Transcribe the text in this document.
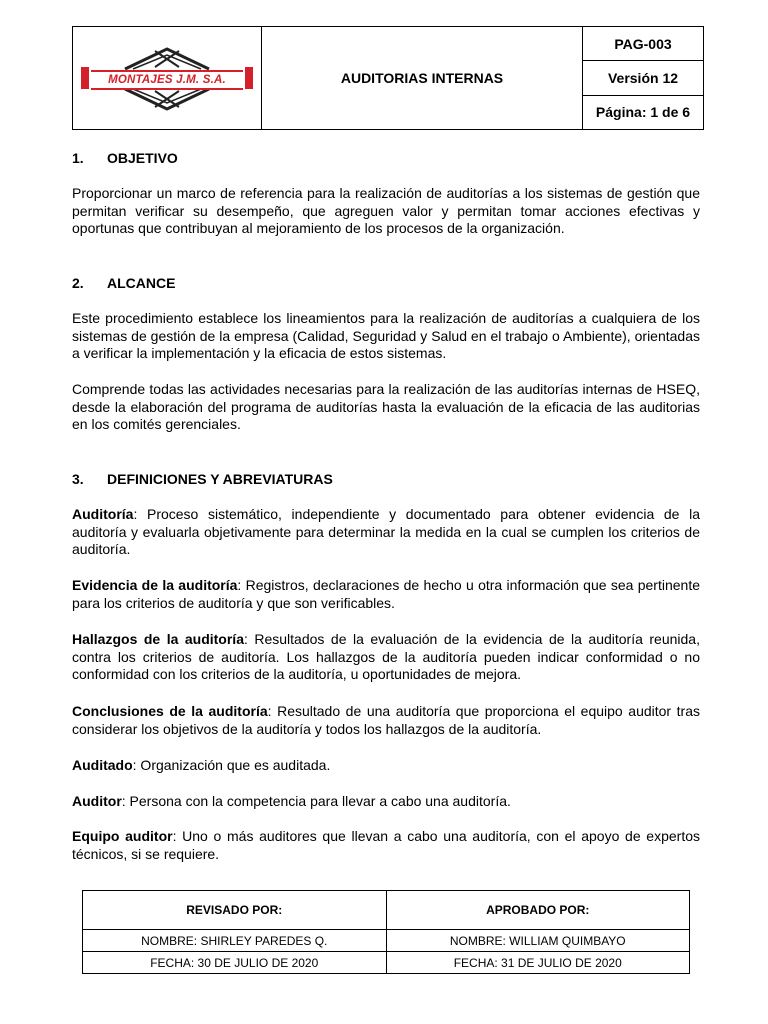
MONTAJES J.M. S.A.	AUDITORIAS INTERNAS
PAG-003
Versión 12
Página: 1 de 6
1. OBJETIVO
Proporcionar un marco de referencia para la realización de auditorías a los sistemas de gestión que permitan verificar su desempeño, que agreguen valor y permitan tomar acciones efectivas y oportunas que contribuyan al mejoramiento de los procesos de la organización.
2. ALCANCE
Este procedimiento establece los lineamientos para la realización de auditorías a cualquiera de los sistemas de gestión de la empresa (Calidad, Seguridad y Salud en el trabajo o Ambiente), orientadas a verificar la implementación y la eficacia de estos sistemas.
Comprende todas las actividades necesarias para la realización de las auditorías internas de HSEQ, desde la elaboración del programa de auditorías hasta la evaluación de la eficacia de las auditorias en los comités gerenciales.
3. DEFINICIONES Y ABREVIATURAS
Auditoría: Proceso sistemático, independiente y documentado para obtener evidencia de la auditoría y evaluarla objetivamente para determinar la medida en la cual se cumplen los criterios de auditoría.
Evidencia de la auditoría: Registros, declaraciones de hecho u otra información que sea pertinente para los criterios de auditoría y que son verificables.
Hallazgos de la auditoría: Resultados de la evaluación de la evidencia de la auditoría reunida, contra los criterios de auditoría. Los hallazgos de la auditoría pueden indicar conformidad o no conformidad con los criterios de la auditoría, u oportunidades de mejora.
Conclusiones de la auditoría: Resultado de una auditoría que proporciona el equipo auditor tras considerar los objetivos de la auditoría y todos los hallazgos de la auditoría.
Auditado: Organización que es auditada.
Auditor: Persona con la competencia para llevar a cabo una auditoría.
Equipo auditor: Uno o más auditores que llevan a cabo una auditoría, con el apoyo de expertos técnicos, si se requiere.
REVISADO POR:	APROBADO POR:
NOMBRE: SHIRLEY PAREDES Q.	NOMBRE: WILLIAM QUIMBAYO
FECHA: 30 DE JULIO DE 2020	FECHA: 31 DE JULIO DE 2020
